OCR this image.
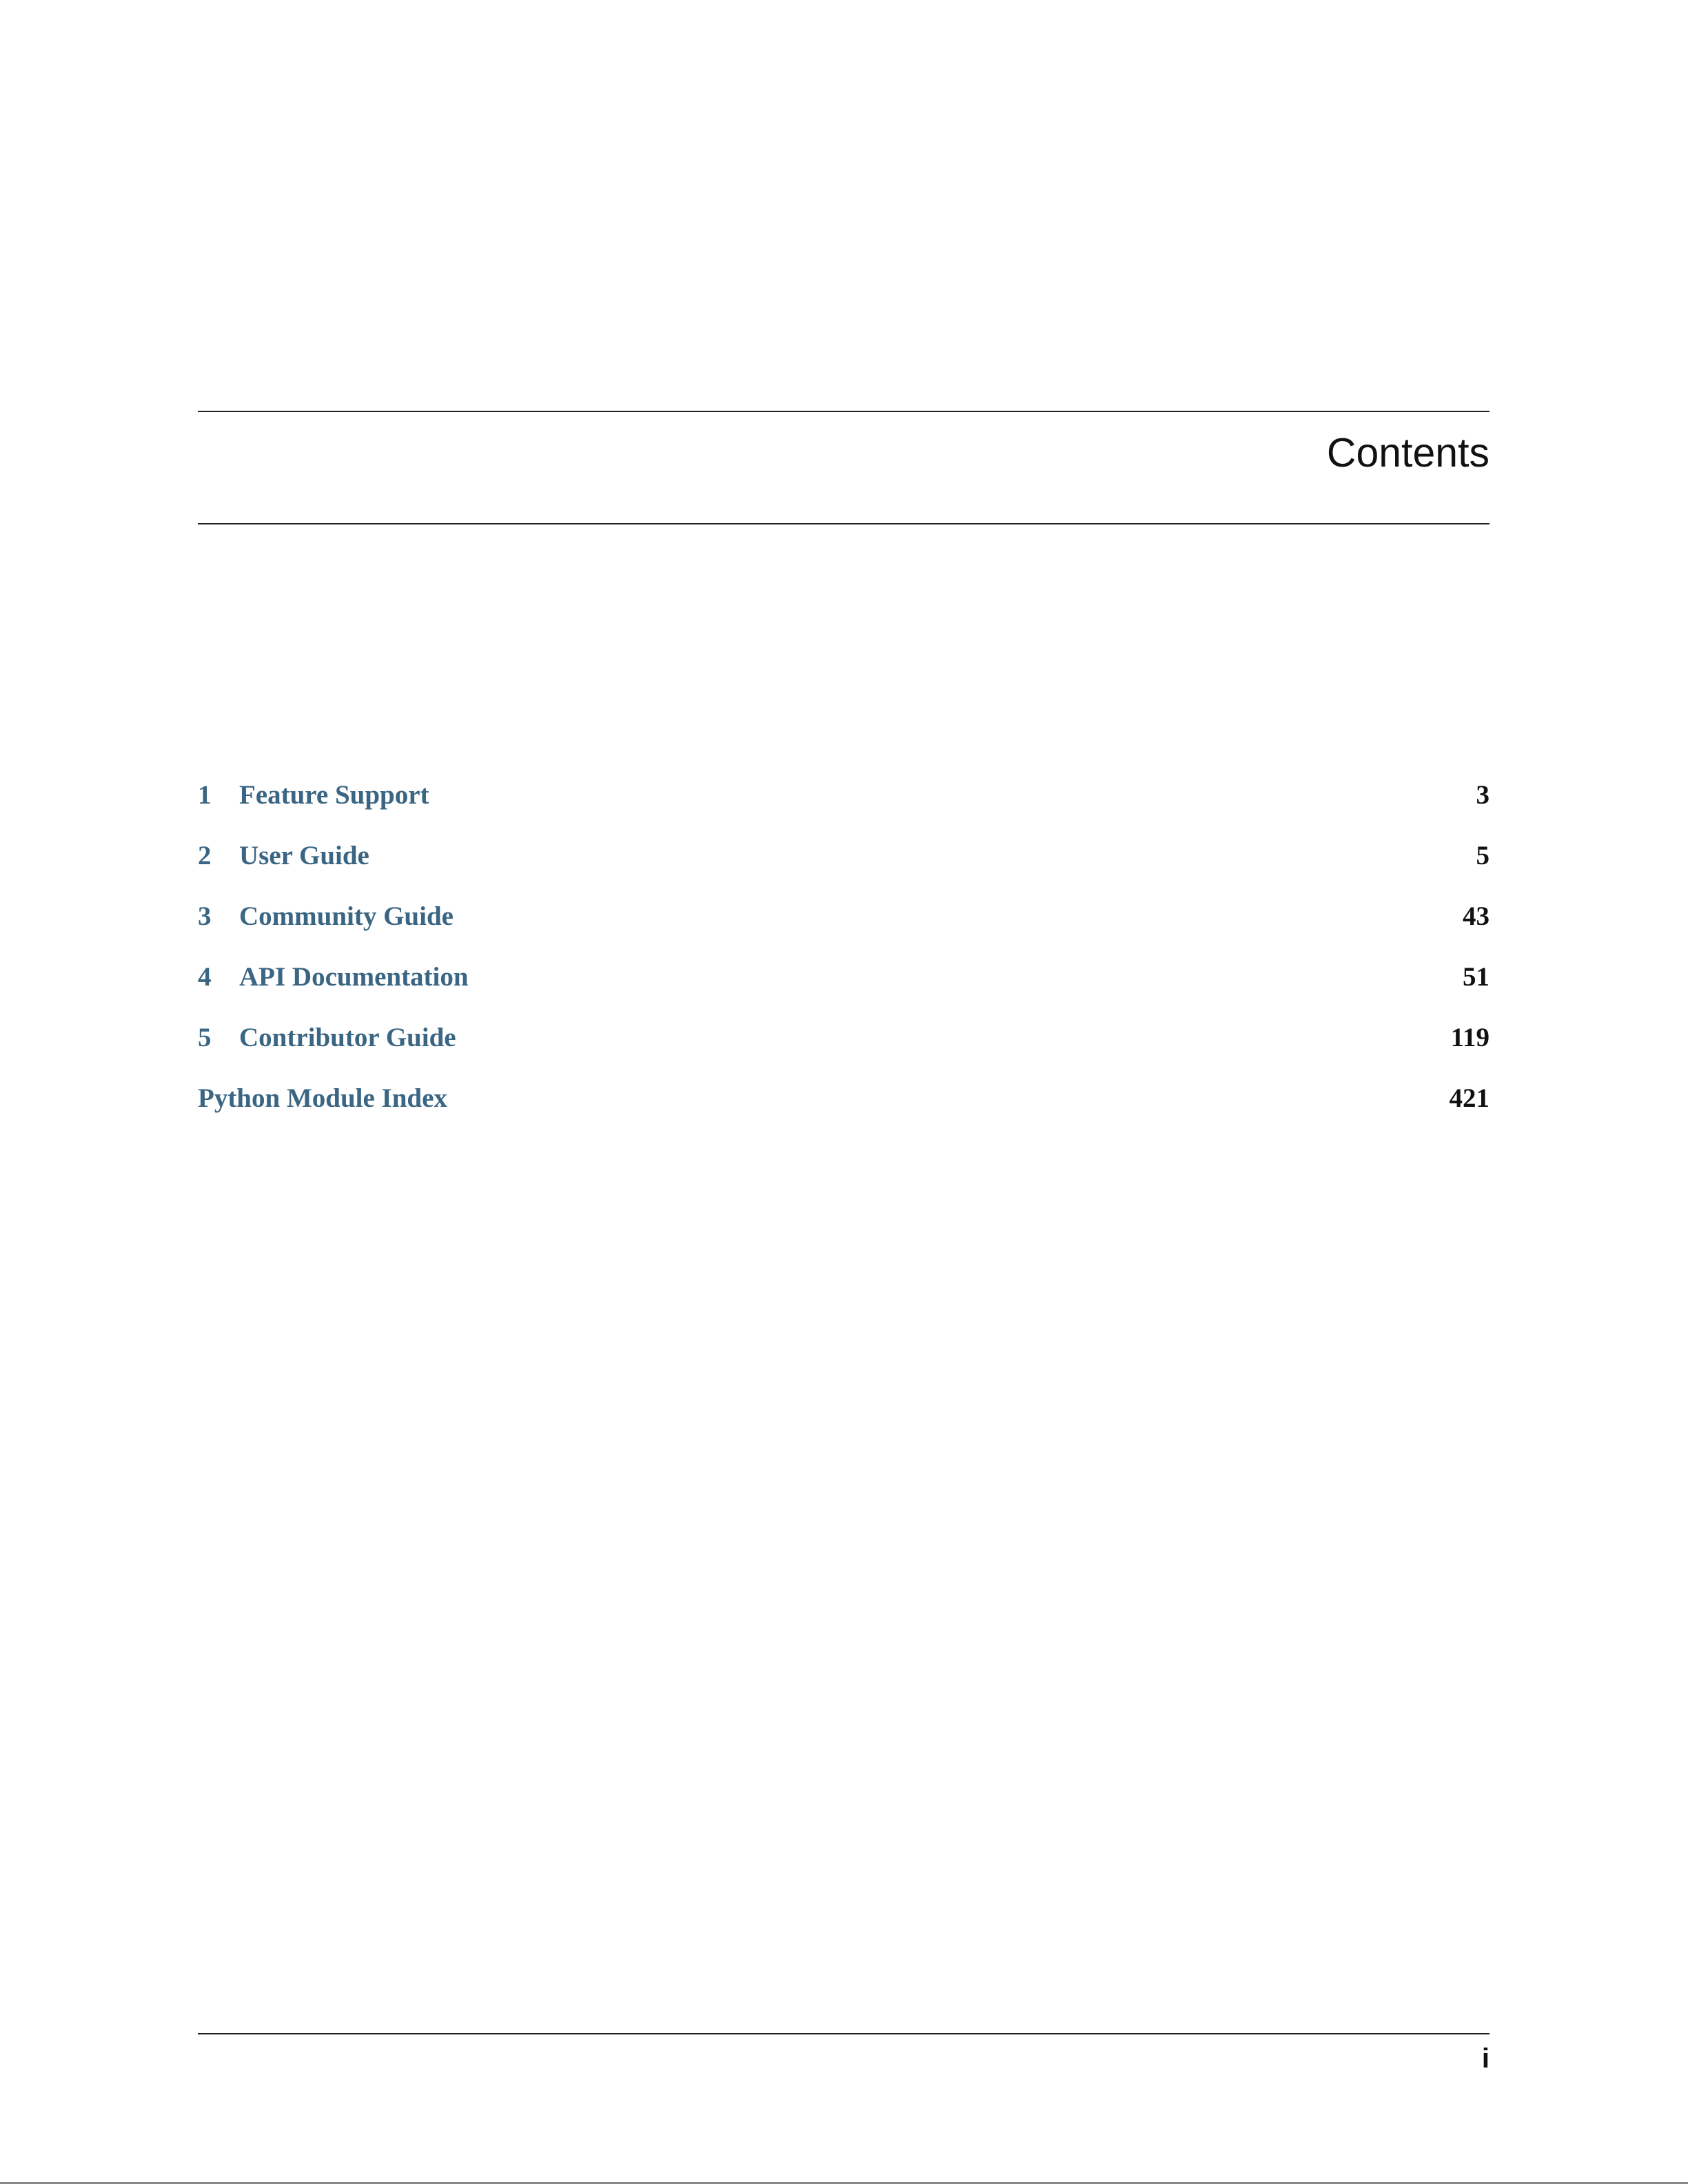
Contents
1 Feature Support	3
2 User Guide	5
3 Community Guide	43
4 API Documentation	51
5 Contributor Guide	119
Python Module Index	421
i
